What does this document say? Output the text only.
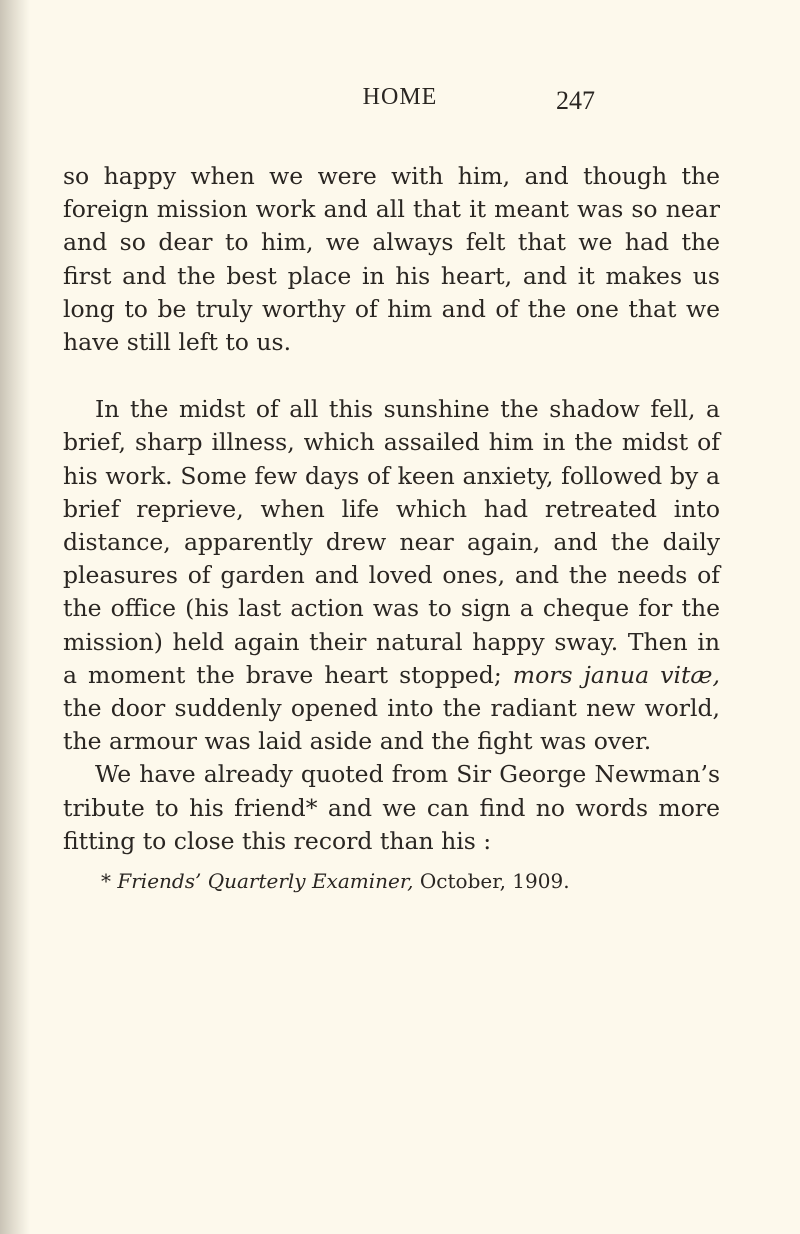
HOME	247

so happy when we were with him, and though the foreign mission work and all that it meant was so near and so dear to him, we always felt that we had the first and the best place in his heart, and it makes us long to be truly worthy of him and of the one that we have still left to us.

In the midst of all this sunshine the shadow fell, a brief, sharp illness, which assailed him in the midst of his work. Some few days of keen anxiety, followed by a brief reprieve, when life which had retreated into distance, apparently drew near again, and the daily pleasures of garden and loved ones, and the needs of the office (his last action was to sign a cheque for the mission) held again their natural happy sway. Then in a moment the brave heart stopped; mors janua vitæ, the door suddenly opened into the radiant new world, the armour was laid aside and the fight was over.

We have already quoted from Sir George Newman’s tribute to his friend* and we can find no words more fitting to close this record than his :

* Friends’ Quarterly Examiner, October, 1909.
